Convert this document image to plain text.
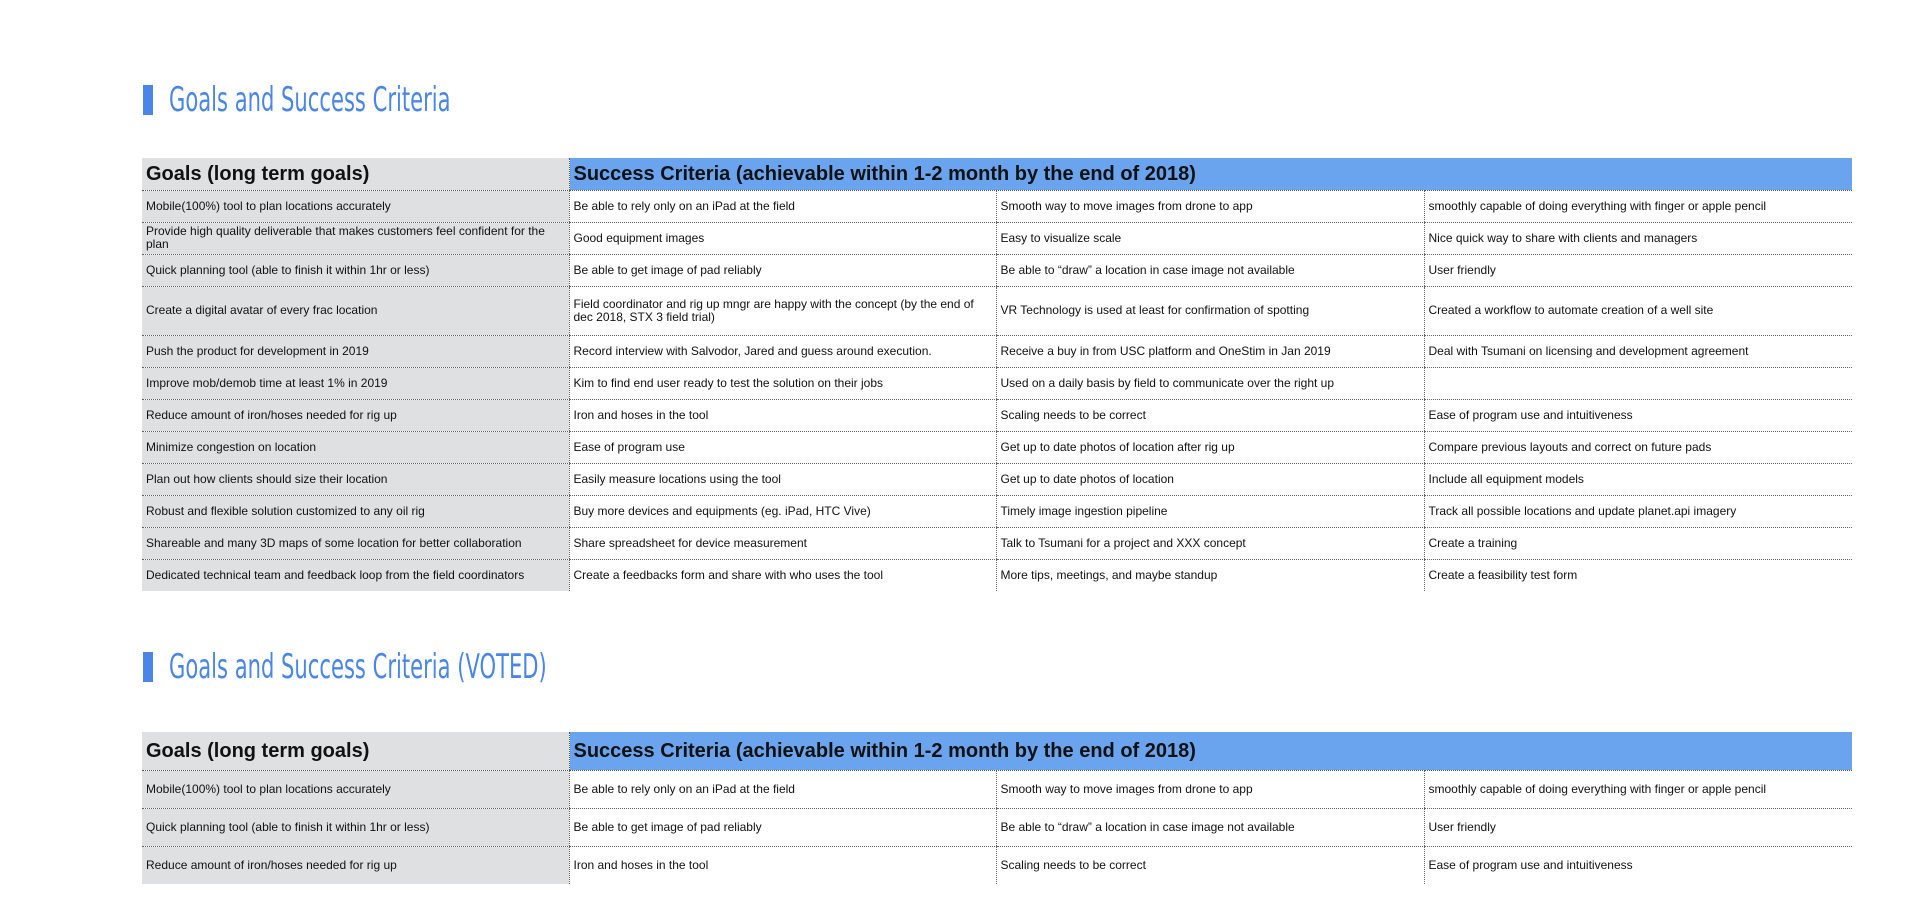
Goals and Success Criteria
Goals (long term goals)	Success Criteria (achievable within 1-2 month by the end of 2018)		
Mobile(100%) tool to plan locations accurately	Be able to rely only on an iPad at the field	Smooth way to move images from drone to app	smoothly capable of doing everything with finger or apple pencil
Provide high quality deliverable that makes customers feel confident for the plan	Good equipment images	Easy to visualize scale	Nice quick way to share with clients and managers
Quick planning tool (able to finish it within 1hr or less)	Be able to get image of pad reliably	Be able to “draw” a location in case image not available	User friendly
Create a digital avatar of every frac location	Field coordinator and rig up mngr are happy with the concept (by the end of dec 2018, STX 3 field trial)	VR Technology is used at least for confirmation of spotting	Created a workflow to automate creation of a well site
Push the product for development in 2019	Record interview with Salvodor, Jared and guess around execution.	Receive a buy in from USC platform and OneStim in Jan 2019	Deal with Tsumani on licensing and development agreement
Improve mob/demob time at least 1% in 2019	Kim to find end user ready to test the solution on their jobs	Used on a daily basis by field to communicate over the right up	
Reduce amount of iron/hoses needed for rig up	Iron and hoses in the tool	Scaling needs to be correct	Ease of program use and intuitiveness
Minimize congestion on location	Ease of program use	Get up to date photos of location after rig up	Compare previous layouts and correct on future pads
Plan out how clients should size their location	Easily measure locations using the tool	Get up to date photos of location	Include all equipment models
Robust and flexible solution customized to any oil rig	Buy more devices and equipments (eg. iPad, HTC Vive)	Timely image ingestion pipeline	Track all possible locations and update planet.api imagery
Shareable and many 3D maps of some location for better collaboration	Share spreadsheet for device measurement	Talk to Tsumani for a project and XXX concept	Create a training
Dedicated technical team and feedback loop from the field coordinators	Create a feedbacks form and share with who uses the tool	More tips, meetings, and maybe standup	Create a feasibility test form
Goals and Success Criteria (VOTED)
Goals (long term goals)	Success Criteria (achievable within 1-2 month by the end of 2018)		
Mobile(100%) tool to plan locations accurately	Be able to rely only on an iPad at the field	Smooth way to move images from drone to app	smoothly capable of doing everything with finger or apple pencil
Quick planning tool (able to finish it within 1hr or less)	Be able to get image of pad reliably	Be able to “draw” a location in case image not available	User friendly
Reduce amount of iron/hoses needed for rig up	Iron and hoses in the tool	Scaling needs to be correct	Ease of program use and intuitiveness
